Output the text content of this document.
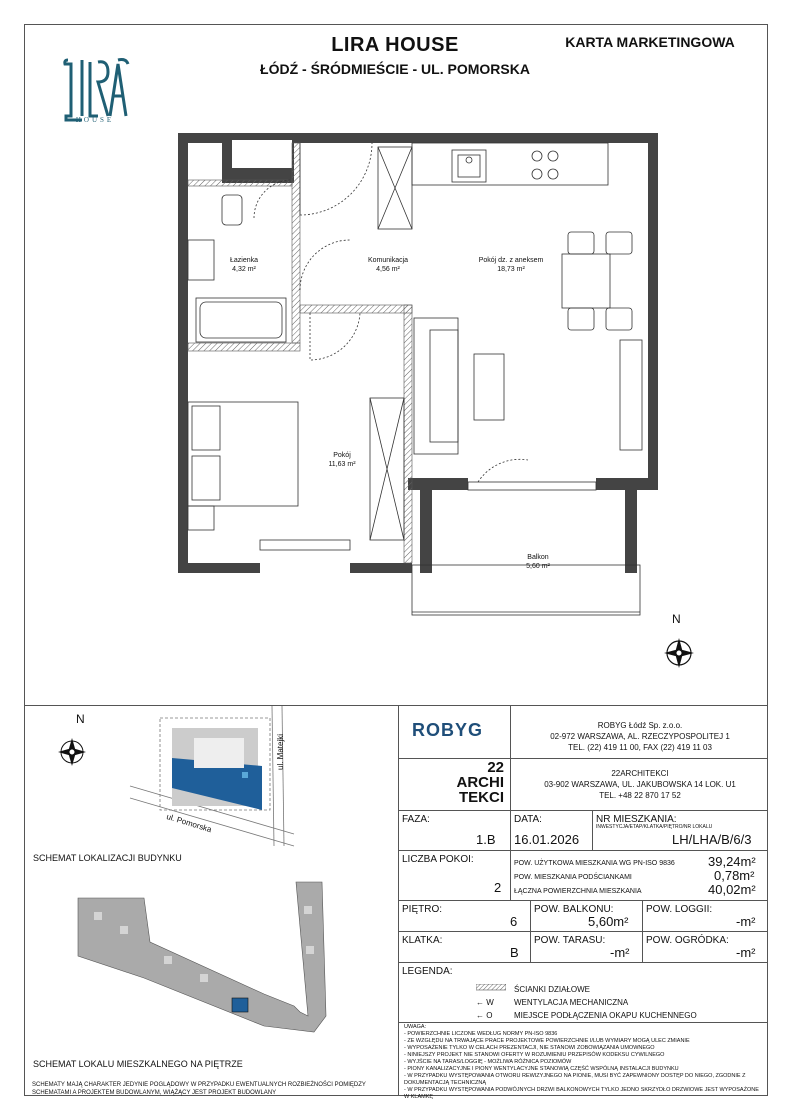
HOUSE
LIRA HOUSE
ŁÓDŹ - ŚRÓDMIEŚCIE - UL. POMORSKA
KARTA MARKETINGOWA
N
Łazienka
4,32 m²
Komunikacja
4,56 m²
Pokój dz. z aneksem
18,73 m²
Pokój
11,63 m²
Balkon
5,60 m²
N
ul. Matejki
ul. Pomorska
SCHEMAT LOKALIZACJI BUDYNKU
SCHEMAT LOKALU MIESZKALNEGO NA PIĘTRZE
SCHEMATY MAJĄ CHARAKTER JEDYNIE POGLĄDOWY W PRZYPADKU EWENTUALNYCH ROZBIEŻNOŚCI POMIĘDZY SCHEMATAMI A PROJEKTEM BUDOWLANYM, WIĄŻĄCY JEST PROJEKT BUDOWLANY
ROBYG	ROBYG Łódź Sp. z.o.o.
02-972 WARSZAWA, AL. RZECZYPOSPOLITEJ 1
TEL. (22) 419 11 00, FAX (22) 419 11 03
22
ARCHI
TEKCI
22ARCHITEKCI
03-902 WARSZAWA, UL. JAKUBOWSKA 14 LOK. U1
TEL. +48 22 870 17 52
FAZA:
1.B
DATA:
16.01.2026
NR MIESZKANIA:
INWESTYCJA/ETAP/KLATKA/PIĘTRO/NR LOKALU
LH/LHA/B/6/3
LICZBA POKOI:
2
POW. UŻYTKOWA MIESZKANIA WG PN-ISO 9836	39,24m²
POW. MIESZKANIA PODŚCIANKAMI	0,78m²
ŁĄCZNA POWIERZCHNIA MIESZKANIA	40,02m²
PIĘTRO:
6
POW. BALKONU:
5,60m²
POW. LOGGII:
-m²
KLATKA:
B
POW. TARASU:
-m²
POW. OGRÓDKA:
-m²
LEGENDA:
ŚCIANKI DZIAŁOWE
← W	WENTYLACJA MECHANICZNA
← O	MIEJSCE PODŁĄCZENIA OKAPU KUCHENNEGO
UWAGA:
- POWIERZCHNIE LICZONE WEDŁUG NORMY PN-ISO 9836
- ZE WZGLĘDU NA TRWAJĄCE PRACE PROJEKTOWE POWIERZCHNIE I/LUB WYMIARY MOGĄ ULEC ZMIANIE
- WYPOSAŻENIE TYLKO W CELACH PREZENTACJI, NIE STANOWI ZOBOWIĄZANIA UMOWNEGO
- NINIEJSZY PROJEKT NIE STANOWI OFERTY W ROZUMIENIU PRZEPISÓW KODEKSU CYWILNEGO
- WYJŚCIE NA TARAS/LOGGIĘ - MOŻLIWA RÓŻNICA POZIOMÓW
- PIONY KANALIZACYJNE I PIONY WENTYLACYJNE STANOWIĄ CZĘŚĆ WSPÓLNĄ INSTALACJI BUDYNKU
- W PRZYPADKU WYSTĘPOWANIA OTWORU REWIZYJNEGO NA PIONIE, MUSI BYĆ ZAPEWNIONY DOSTĘP DO NIEGO, ZGODNIE Z DOKUMENTACJĄ TECHNICZNĄ
- W PRZYPADKU WYSTĘPOWANIA PODWÓJNYCH DRZWI BALKONOWYCH TYLKO JEDNO SKRZYDŁO DRZWIOWE JEST WYPOSAŻONE W KLAMKĘ
